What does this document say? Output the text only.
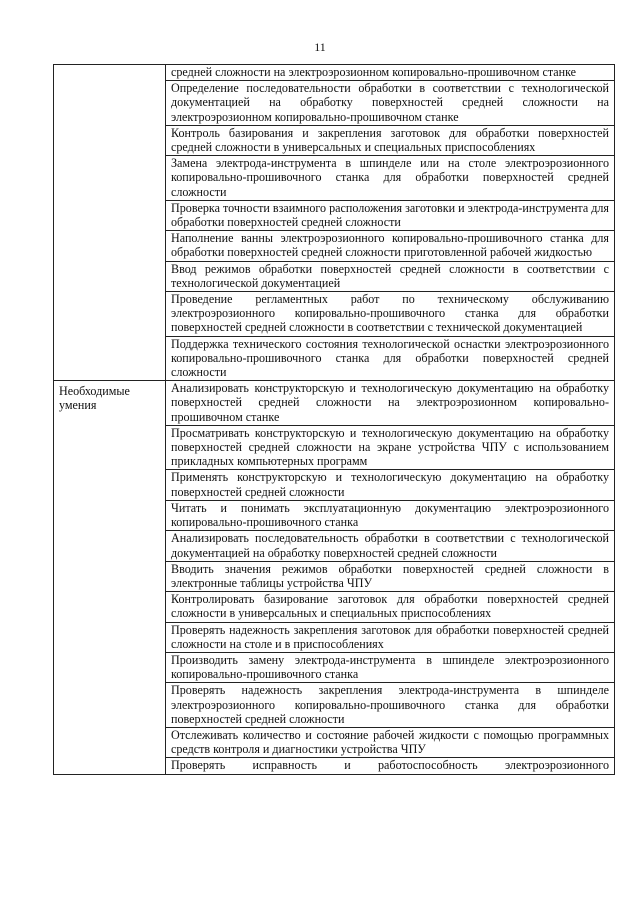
11
	средней сложности на электроэрозионном копировально-прошивочном станке
	Определение последовательности обработки в соответствии с технологической документацией на обработку поверхностей средней сложности на электроэрозионном копировально-прошивочном станке
	Контроль базирования и закрепления заготовок для обработки поверхностей средней сложности в универсальных и специальных приспособлениях
	Замена электрода-инструмента в шпинделе или на столе электроэрозионного копировально-прошивочного станка для обработки поверхностей средней сложности
	Проверка точности взаимного расположения заготовки и электрода-инструмента для обработки поверхностей средней сложности
	Наполнение ванны электроэрозионного копировально-прошивочного станка для обработки поверхностей средней сложности приготовленной рабочей жидкостью
	Ввод режимов обработки поверхностей средней сложности в соответствии с технологической документацией
	Проведение регламентных работ по техническому обслуживанию электроэрозионного копировально-прошивочного станка для обработки поверхностей средней сложности в соответствии с технической документацией
	Поддержка технического состояния технологической оснастки электроэрозионного копировально-прошивочного станка для обработки поверхностей средней сложности
Необходимые умения	Анализировать конструкторскую и технологическую документацию на обработку поверхностей средней сложности на электроэрозионном копировально-прошивочном станке
	Просматривать конструкторскую и технологическую документацию на обработку поверхностей средней сложности на экране устройства ЧПУ с использованием прикладных компьютерных программ
	Применять конструкторскую и технологическую документацию на обработку поверхностей средней сложности
	Читать и понимать эксплуатационную документацию электроэрозионного копировально-прошивочного станка
	Анализировать последовательность обработки в соответствии с технологической документацией на обработку поверхностей средней сложности
	Вводить значения режимов обработки поверхностей средней сложности в электронные таблицы устройства ЧПУ
	Контролировать базирование заготовок для обработки поверхностей средней сложности в универсальных и специальных приспособлениях
	Проверять надежность закрепления заготовок для обработки поверхностей средней сложности на столе и в приспособлениях
	Производить замену электрода-инструмента в шпинделе электроэрозионного копировально-прошивочного станка
	Проверять надежность закрепления электрода-инструмента в шпинделе электроэрозионного копировально-прошивочного станка для обработки поверхностей средней сложности
	Отслеживать количество и состояние рабочей жидкости с помощью программных средств контроля и диагностики устройства ЧПУ
	Проверять исправность и работоспособность электроэрозионного
